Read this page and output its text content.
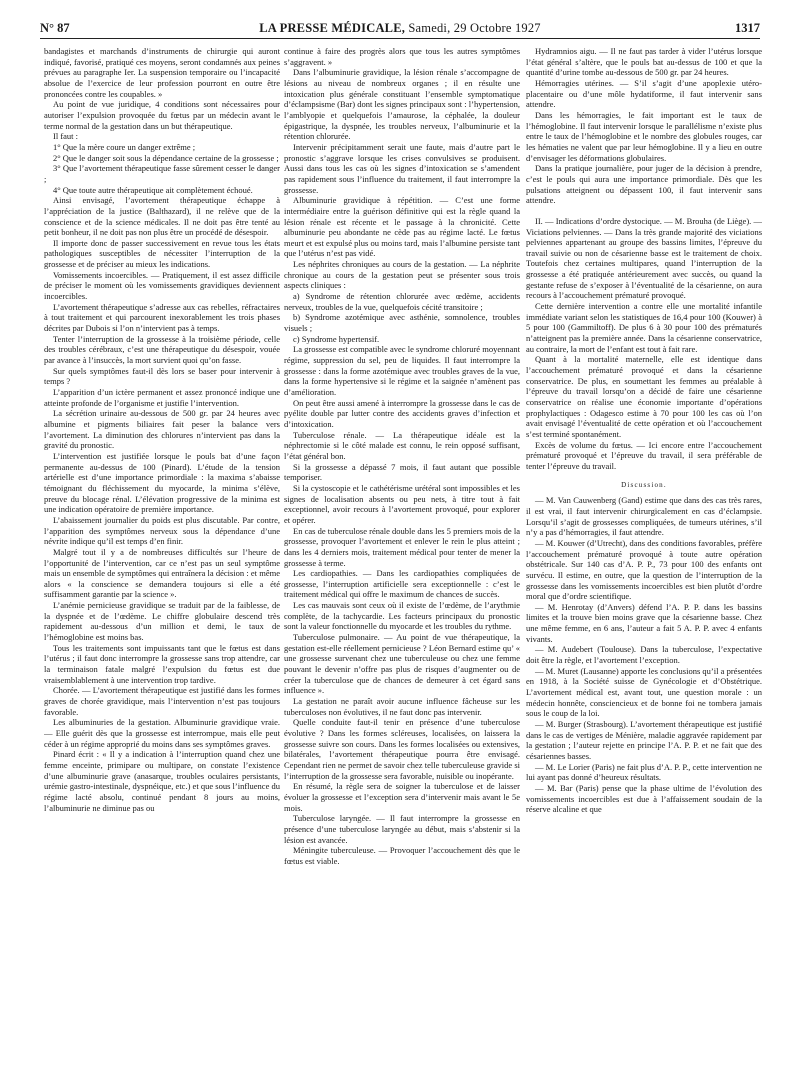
N° 87	LA PRESSE MÉDICALE, Samedi, 29 Octobre 1927	1317

bandagistes et marchands d’instruments de chirurgie qui auront indiqué, favorisé, pratiqué ces moyens, seront condamnés aux peines prévues au paragraphe Ier. La suspension temporaire ou l’incapacité absolue de l’exercice de leur profession pourront en outre être prononcées contre les coupables. »

Au point de vue juridique, 4 conditions sont nécessaires pour autoriser l’expulsion provoquée du fœtus par un médecin avant le terme normal de la gestation dans un but thérapeutique.

Il faut :

1° Que la mère coure un danger extrême ;

2° Que le danger soit sous la dépendance certaine de la grossesse ;

3° Que l’avortement thérapeutique fasse sûrement cesser le danger ;

4° Que toute autre thérapeutique ait complètement échoué.

Ainsi envisagé, l’avortement thérapeutique échappe à l’appréciation de la justice (Balthazard), il ne relève que de la conscience et de la science médicales. Il ne doit pas être tenté au petit bonheur, il ne doit pas non plus être un procédé de désespoir.

Il importe donc de passer successivement en revue tous les états pathologiques susceptibles de nécessiter l’interruption de la grossesse et de préciser au mieux les indications.

Vomissements incoercibles. — Pratiquement, il est assez difficile de préciser le moment où les vomissements gravidiques deviennent incoercibles.

L’avortement thérapeutique s’adresse aux cas rebelles, réfractaires à tout traitement et qui parcourent inexorablement les trois phases décrites par Dubois si l’on n’intervient pas à temps.

Tenter l’interruption de la grossesse à la troisième période, celle des troubles cérébraux, c’est une thérapeutique du désespoir, vouée par avance à l’insuccès, la mort survient quoi qu’on fasse.

Sur quels symptômes faut-il dès lors se baser pour intervenir à temps ?

L’apparition d’un ictère permanent et assez prononcé indique une atteinte profonde de l’organisme et justifie l’intervention.

La sécrétion urinaire au-dessous de 500 gr. par 24 heures avec albumine et pigments biliaires fait peser la balance vers l’avortement. La diminution des chlorures n’intervient pas dans la gravité du pronostic.

L’intervention est justifiée lorsque le pouls bat d’une façon permanente au-dessus de 100 (Pinard). L’étude de la tension artérielle est d’une importance primordiale : la maxima s’abaisse témoignant du fléchissement du myocarde, la minima s’élève, preuve du blocage rénal. L’élévation progressive de la minima est une indication opératoire de première importance.

L’abaissement journalier du poids est plus discutable. Par contre, l’apparition des symptômes nerveux sous la dépendance d’une névrite indique qu’il est temps d’en finir.

Malgré tout il y a de nombreuses difficultés sur l’heure de l’opportunité de l’intervention, car ce n’est pas un seul symptôme mais un ensemble de symptômes qui entraînera la décision : et même alors « la conscience se demandera toujours si elle a été suffisamment garantie par la science ».

L’anémie pernicieuse gravidique se traduit par de la faiblesse, de la dyspnée et de l’œdème. Le chiffre globulaire descend très rapidement au-dessous d’un million et demi, le taux de l’hémoglobine est moins bas.

Tous les traitements sont impuissants tant que le fœtus est dans l’utérus ; il faut donc interrompre la grossesse sans trop attendre, car la terminaison fatale malgré l’expulsion du fœtus est due vraisemblablement à une intervention trop tardive.

Chorée. — L’avortement thérapeutique est justifié dans les formes graves de chorée gravidique, mais l’intervention n’est pas toujours favorable.

Les albuminuries de la gestation. Albuminurie gravidique vraie. — Elle guérit dès que la grossesse est interrompue, mais elle peut céder à un régime approprié du moins dans ses symptômes graves.

Pinard écrit : « Il y a indication à l’interruption quand chez une femme enceinte, primipare ou multipare, on constate l’existence d’une albuminurie grave (anasarque, troubles oculaires persistants, urémie gastro-intestinale, dyspnéique, etc.) et que sous l’influence du régime lacté absolu, continué pendant 8 jours au moins, l’albuminurie ne diminue pas ou

continue à faire des progrès alors que tous les autres symptômes s’aggravent. »

Dans l’albuminurie gravidique, la lésion rénale s’accompagne de lésions au niveau de nombreux organes ; il en résulte une intoxication plus générale constituant l’ensemble symptomatique d’éclampsisme (Bar) dont les signes principaux sont : l’hypertension, l’amblyopie et quelquefois l’amaurose, la céphalée, la douleur épigastrique, la dyspnée, les troubles nerveux, l’albuminurie et la rétention chlorurée.

Intervenir précipitamment serait une faute, mais d’autre part le pronostic s’aggrave lorsque les crises convulsives se produisent. Aussi dans tous les cas où les signes d’intoxication se s’amendent pas rapidement sous l’influence du traitement, il faut interrompre la grossesse.

Albuminurie gravidique à répétition. — C’est une forme intermédiaire entre la guérison définitive qui est la règle quand la lésion rénale est récente et le passage à la chronicité. Cette albuminurie peu abondante ne cède pas au régime lacté. Le fœtus meurt et est expulsé plus ou moins tard, mais l’albumine persiste tant que l’utérus n’est pas vidé.

Les néphrites chroniques au cours de la gestation. — La néphrite chronique au cours de la gestation peut se présenter sous trois aspects cliniques :

a) Syndrome de rétention chlorurée avec œdème, accidents nerveux, troubles de la vue, quelquefois cécité transitoire ;

b) Syndrome azotémique avec asthénie, somnolence, troubles visuels ;

c) Syndrome hypertensif.

La grossesse est compatible avec le syndrome chloruré moyennant régime, suppression du sel, peu de liquides. Il faut interrompre la grossesse : dans la forme azotémique avec troubles graves de la vue, dans la forme hypertensive si le régime et la saignée n’amènent pas d’amélioration.

On peut être aussi amené à interrompre la grossesse dans le cas de pyélite double par lutter contre des accidents graves d’infection et d’intoxication.

Tuberculose rénale. — La thérapeutique idéale est la néphrectomie si le côté malade est connu, le rein opposé suffisant, l’état général bon.

Si la grossesse a dépassé 7 mois, il faut autant que possible temporiser.

Si la cystoscopie et le cathétérisme urétéral sont impossibles et les signes de localisation absents ou peu nets, à titre tout à fait exceptionnel, avoir recours à l’avortement provoqué, pour explorer et opérer.

En cas de tuberculose rénale double dans les 5 premiers mois de la grossesse, provoquer l’avortement et enlever le rein le plus atteint ; dans les 4 derniers mois, traitement médical pour tenter de mener la grossesse à terme.

Les cardiopathies. — Dans les cardiopathies compliquées de grossesse, l’interruption artificielle sera exceptionnelle : c’est le traitement médical qui offre le maximum de chances de succès.

Les cas mauvais sont ceux où il existe de l’œdème, de l’arythmie complète, de la tachycardie. Les facteurs principaux du pronostic sont la valeur fonctionnelle du myocarde et les troubles du rythme.

Tuberculose pulmonaire. — Au point de vue thérapeutique, la gestation est-elle réellement pernicieuse ? Léon Bernard estime qu’ « une grossesse survenant chez une tuberculeuse ou chez une femme pouvant le devenir n’offre pas plus de risques d’augmenter ou de créer la tuberculose que de chances de demeurer à cet égard sans influence ».

La gestation ne paraît avoir aucune influence fâcheuse sur les tuberculoses non évolutives, il ne faut donc pas intervenir.

Quelle conduite faut-il tenir en présence d’une tuberculose évolutive ? Dans les formes scléreuses, localisées, on laissera la grossesse suivre son cours. Dans les formes localisées ou extensives, bilatérales, l’avortement thérapeutique pourra être envisagé. Cependant rien ne permet de savoir chez telle tuberculeuse gravide si l’interruption de la grossesse sera favorable, nuisible ou inopérante.

En résumé, la règle sera de soigner la tuberculose et de laisser évoluer la grossesse et l’exception sera d’intervenir mais avant le 5e mois.

Tuberculose laryngée. — Il faut interrompre la grossesse en présence d’une tuberculose laryngée au début, mais s’abstenir si la lésion est avancée.

Méningite tuberculeuse. — Provoquer l’accouchement dès que le fœtus est viable.

Hydramnios aigu. — Il ne faut pas tarder à vider l’utérus lorsque l’état général s’altère, que le pouls bat au-dessus de 100 et que la quantité d’urine tombe au-dessous de 500 gr. par 24 heures.

Hémorragies utérines. — S’il s’agit d’une apoplexie utéro-placentaire ou d’une môle hydatiforme, il faut intervenir sans attendre.

Dans les hémorragies, le fait important est le taux de l’hémoglobine. Il faut intervenir lorsque le parallélisme n’existe plus entre le taux de l’hémoglobine et le nombre des globules rouges, car les hématies ne valent que par leur hémoglobine. Il y a lieu en outre d’envisager les déformations globulaires.

Dans la pratique journalière, pour juger de la décision à prendre, c’est le pouls qui aura une importance primordiale. Dès que les pulsations atteignent ou dépassent 100, il faut intervenir sans attendre.

II. — Indications d’ordre dystocique. — M. Brouha (de Liège). — Viciations pelviennes. — Dans la très grande majorité des viciations pelviennes appartenant au groupe des bassins limites, l’épreuve du travail suivie ou non de césarienne basse est le traitement de choix. Toutefois chez certaines multipares, quand l’interruption de la grossesse a été pratiquée antérieurement avec succès, ou quand la gestante refuse de s’exposer à l’éventualité de la césarienne, on aura recours à l’accouchement prématuré provoqué.

Cette dernière intervention a contre elle une mortalité infantile immédiate variant selon les statistiques de 16,4 pour 100 (Kouwer) à 5 pour 100 (Gammiltoff). De plus 6 à 30 pour 100 des prématurés n’atteignent pas la première année. Dans la césarienne conservatrice, au contraire, la mort de l’enfant est tout à fait rare.

Quant à la mortalité maternelle, elle est identique dans l’accouchement prématuré provoqué et dans la césarienne conservatrice. De plus, en soumettant les femmes au préalable à l’épreuve du travail lorsqu’on a décidé de faire une césarienne conservatrice on réalise une économie importante d’opérations prophylactiques : Odagesco estime à 70 pour 100 les cas où l’on avait envisagé l’éventualité de cette opération et où l’accouchement s’est terminé spontanément.

Excès de volume du fœtus. — Ici encore entre l’accouchement prématuré provoqué et l’épreuve du travail, il sera préférable de tenter l’épreuve du travail.

Discussion.

— M. Van Cauwenberg (Gand) estime que dans des cas très rares, il est vrai, il faut intervenir chirurgicalement en cas d’éclampsie. Lorsqu’il s’agit de grossesses compliquées, de tumeurs utérines, s’il n’y a pas d’hémorragies, il faut attendre.

— M. Kouwer (d’Utrecht), dans des conditions favorables, préfère l’accouchement prématuré provoqué à toute autre opération obstétricale. Sur 140 cas d’A. P. P., 73 pour 100 des enfants ont survécu. Il estime, en outre, que la question de l’interruption de la grossesse dans les vomissements incoercibles est bien plutôt d’ordre moral que d’ordre scientifique.

— M. Henrotay (d’Anvers) défend l’A. P. P. dans les bassins limites et la trouve bien moins grave que la césarienne basse. Chez une même femme, en 6 ans, l’auteur a fait 5 A. P. P. avec 4 enfants vivants.

— M. Audebert (Toulouse). Dans la tuberculose, l’expectative doit être la règle, et l’avortement l’exception.

— M. Muret (Lausanne) apporte les conclusions qu’il a présentées en 1918, à la Société suisse de Gynécologie et d’Obstétrique. L’avortement médical est, avant tout, une question morale : un médecin honnête, consciencieux et de bonne foi ne tombera jamais sous le coup de la loi.

— M. Burger (Strasbourg). L’avortement thérapeutique est justifié dans le cas de vertiges de Ménière, maladie aggravée rapidement par la gestation ; l’auteur rejette en principe l’A. P. P. et ne fait que des césariennes basses.

— M. Le Lorier (Paris) ne fait plus d’A. P. P., cette intervention ne lui ayant pas donné d’heureux résultats.

— M. Bar (Paris) pense que la phase ultime de l’évolution des vomissements incoercibles est due à l’affaissement soudain de la réserve alcaline et que
